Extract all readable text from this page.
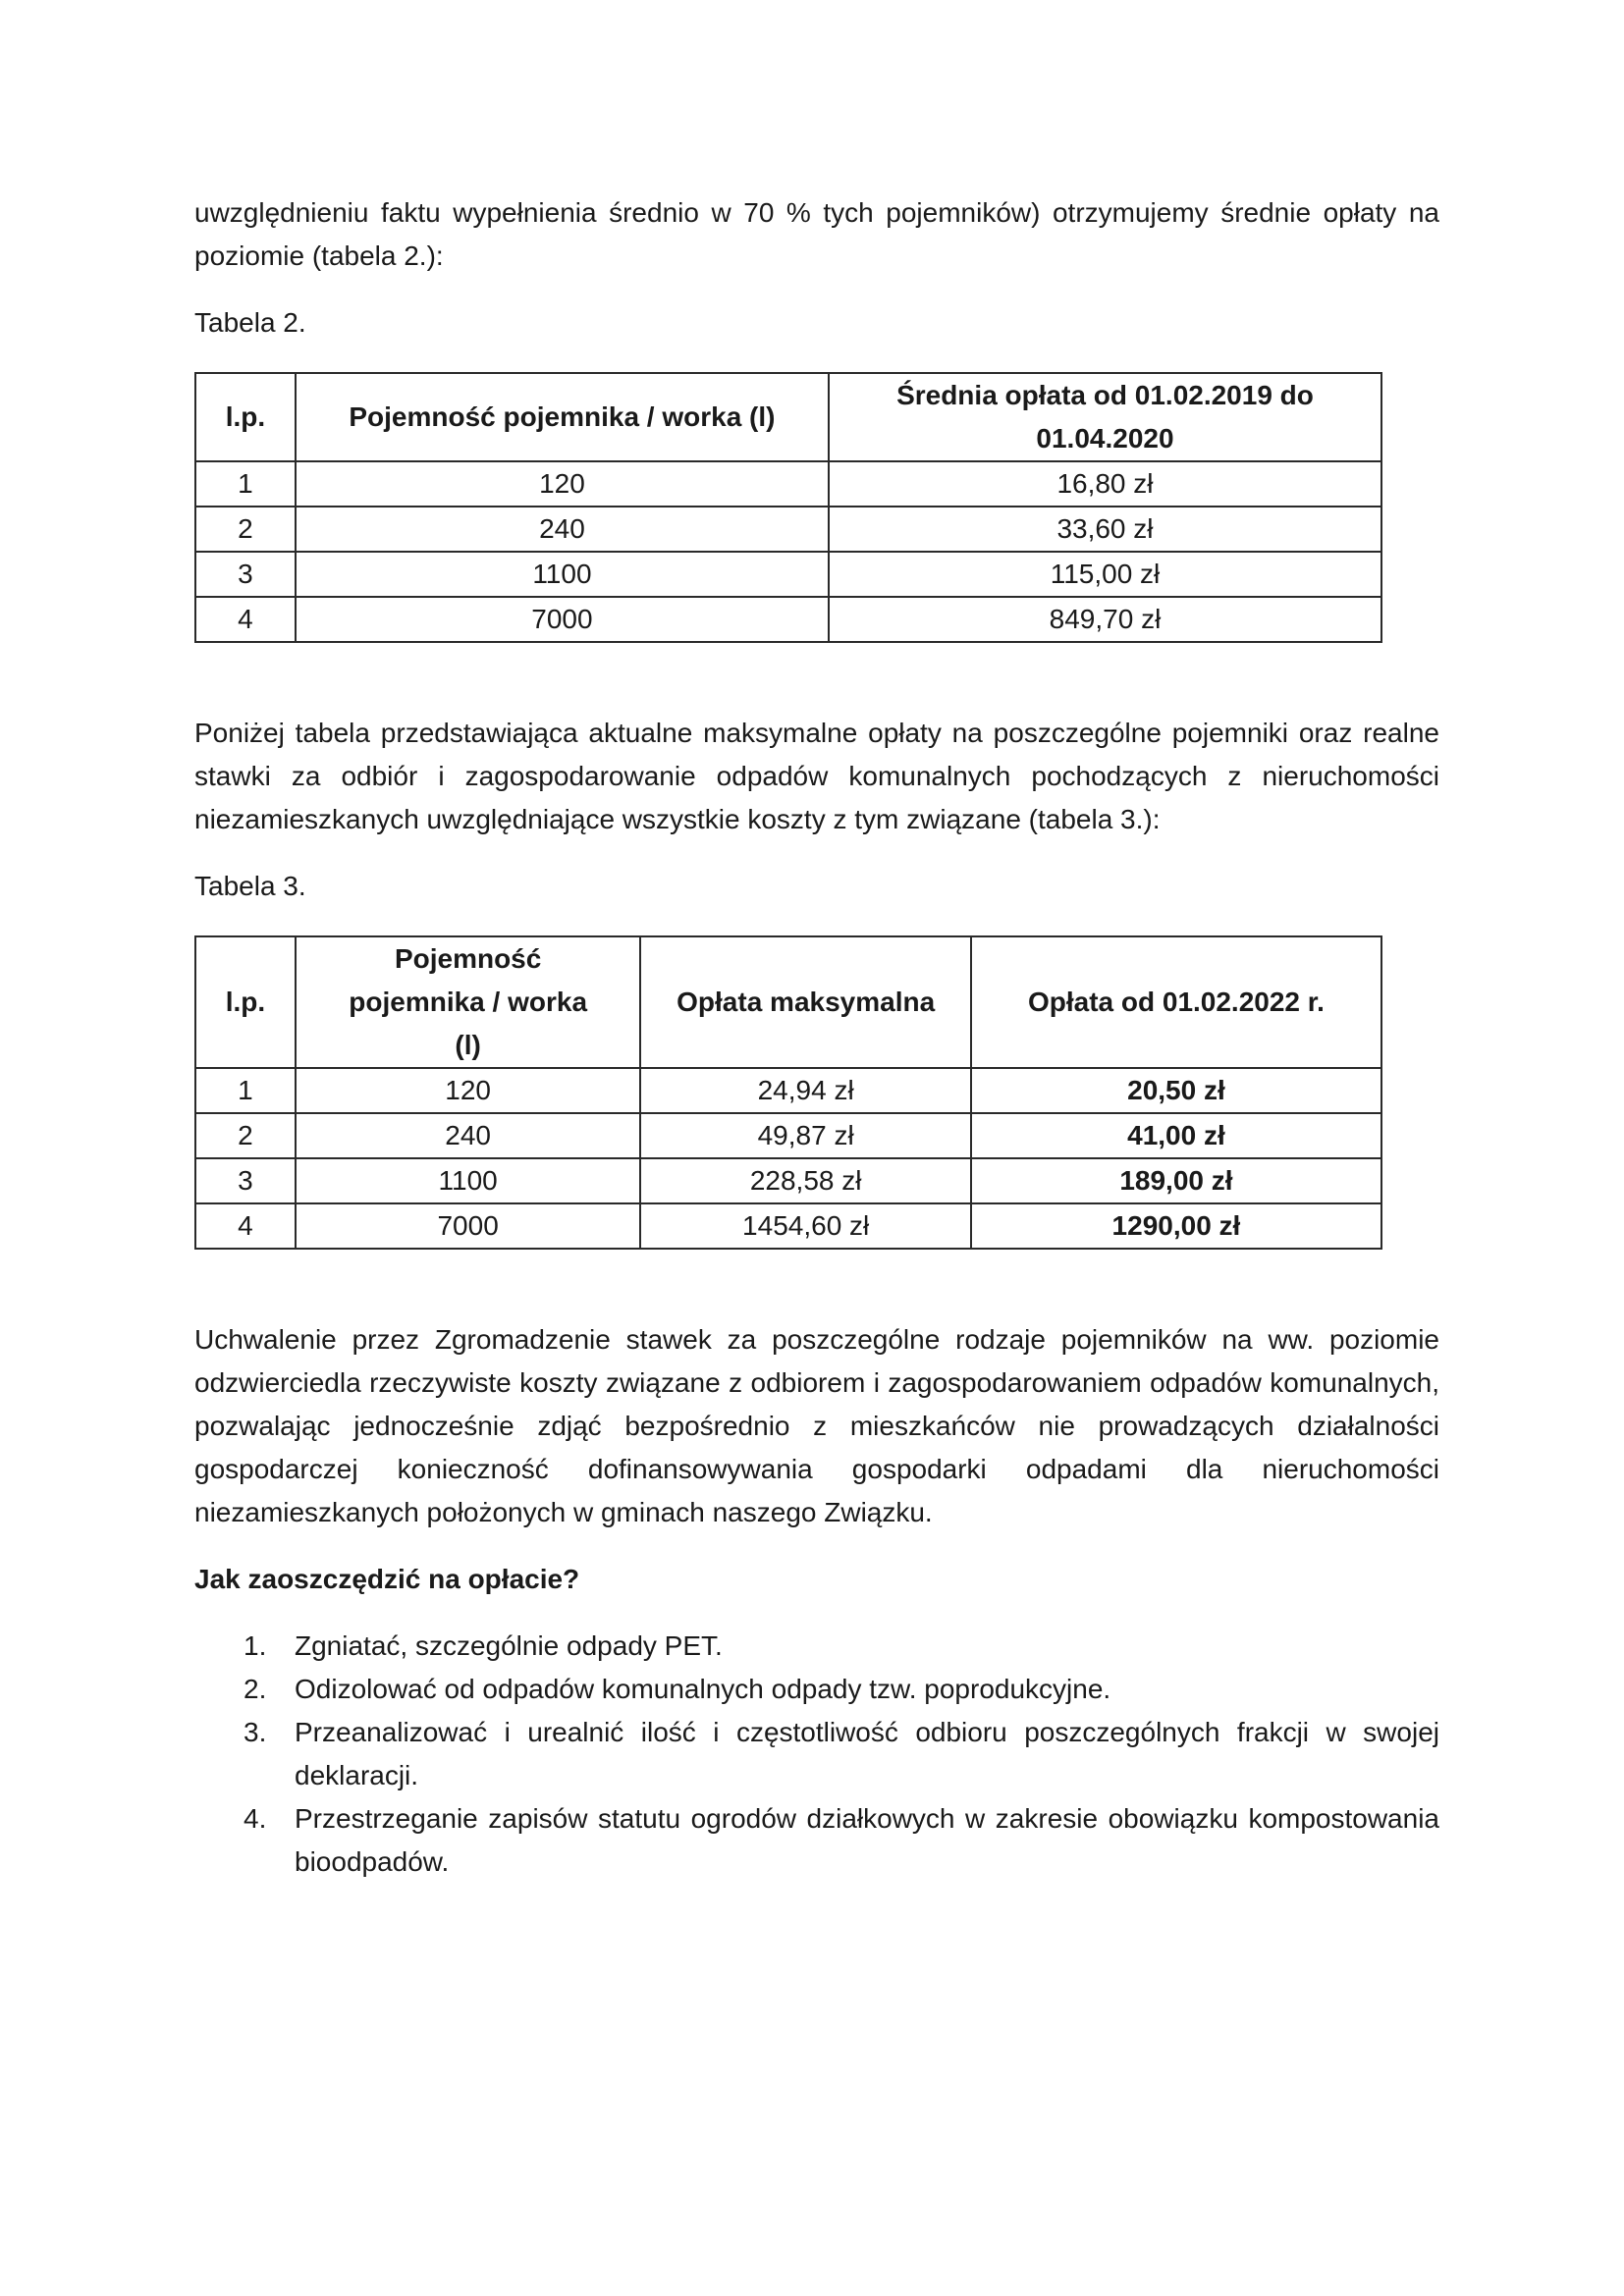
uwzględnieniu faktu wypełnienia średnio w 70 % tych pojemników) otrzymujemy średnie opłaty na poziomie (tabela 2.):

Tabela 2.

l.p.	Pojemność pojemnika / worka (l)	Średnia opłata od 01.02.2019 do 01.04.2020
1	120	16,80 zł
2	240	33,60 zł
3	1100	115,00 zł
4	7000	849,70 zł

Poniżej tabela przedstawiająca aktualne maksymalne opłaty na poszczególne pojemniki oraz realne stawki za odbiór i zagospodarowanie odpadów komunalnych pochodzących z nieruchomości niezamieszkanych uwzględniające wszystkie koszty z tym związane (tabela 3.):

Tabela 3.

l.p.	Pojemność pojemnika / worka (l)	Opłata maksymalna	Opłata od 01.02.2022 r.
1	120	24,94 zł	20,50 zł
2	240	49,87 zł	41,00 zł
3	1100	228,58 zł	189,00 zł
4	7000	1454,60 zł	1290,00 zł

Uchwalenie przez Zgromadzenie stawek za poszczególne rodzaje pojemników na ww. poziomie odzwierciedla rzeczywiste koszty związane z odbiorem i zagospodarowaniem odpadów komunalnych, pozwalając jednocześnie zdjąć bezpośrednio z mieszkańców nie prowadzących działalności gospodarczej konieczność dofinansowywania gospodarki odpadami dla nieruchomości niezamieszkanych położonych w gminach naszego Związku.

Jak zaoszczędzić na opłacie?

1. Zgniatać, szczególnie odpady PET.
2. Odizolować od odpadów komunalnych odpady tzw. poprodukcyjne.
3. Przeanalizować i urealnić ilość i częstotliwość odbioru poszczególnych frakcji w swojej deklaracji.
4. Przestrzeganie zapisów statutu ogrodów działkowych w zakresie obowiązku kompostowania bioodpadów.
